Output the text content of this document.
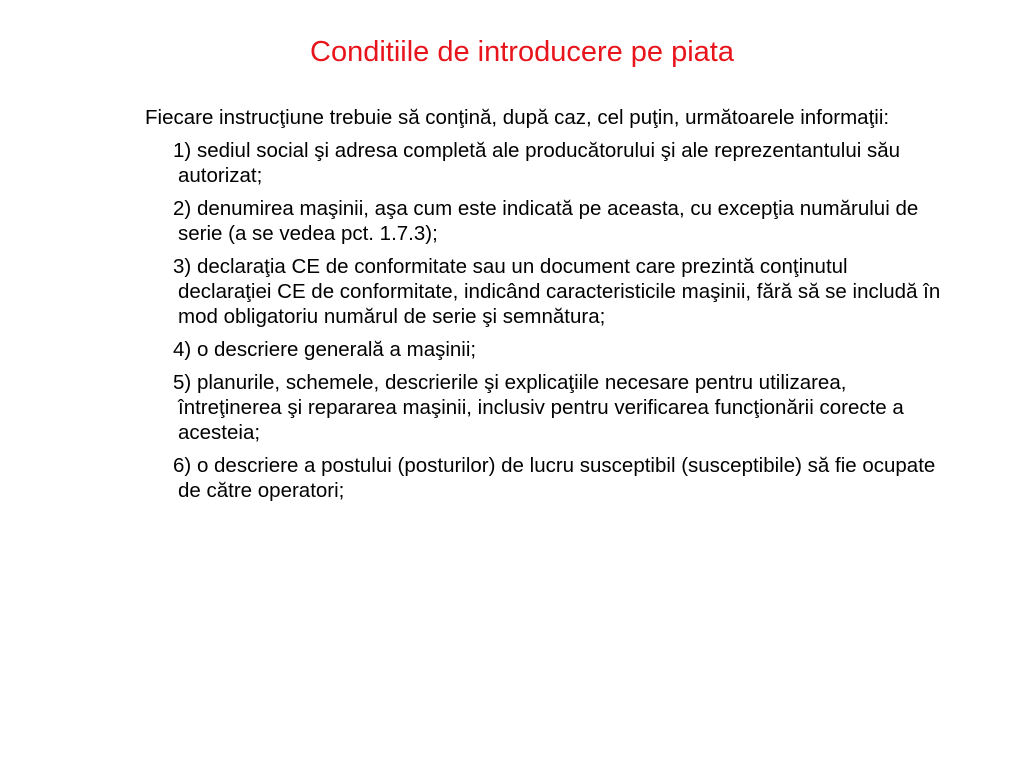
Conditiile de introducere pe piata

Fiecare instrucţiune trebuie să conţină, după caz, cel puţin, următoarele informaţii:

1) sediul social şi adresa completă ale producătorului şi ale reprezentantului său autorizat;
2) denumirea maşinii, aşa cum este indicată pe aceasta, cu excepţia numărului de serie (a se vedea pct. 1.7.3);
3) declaraţia CE de conformitate sau un document care prezintă conţinutul declaraţiei CE de conformitate, indicând caracteristicile maşinii, fără să se includă în mod obligatoriu numărul de serie şi semnătura;
4) o descriere generală a maşinii;
5) planurile, schemele, descrierile şi explicaţiile necesare pentru utilizarea, întreţinerea şi repararea maşinii, inclusiv pentru verificarea funcţionării corecte a acesteia;
6) o descriere a postului (posturilor) de lucru susceptibil (susceptibile) să fie ocupate de către operatori;
